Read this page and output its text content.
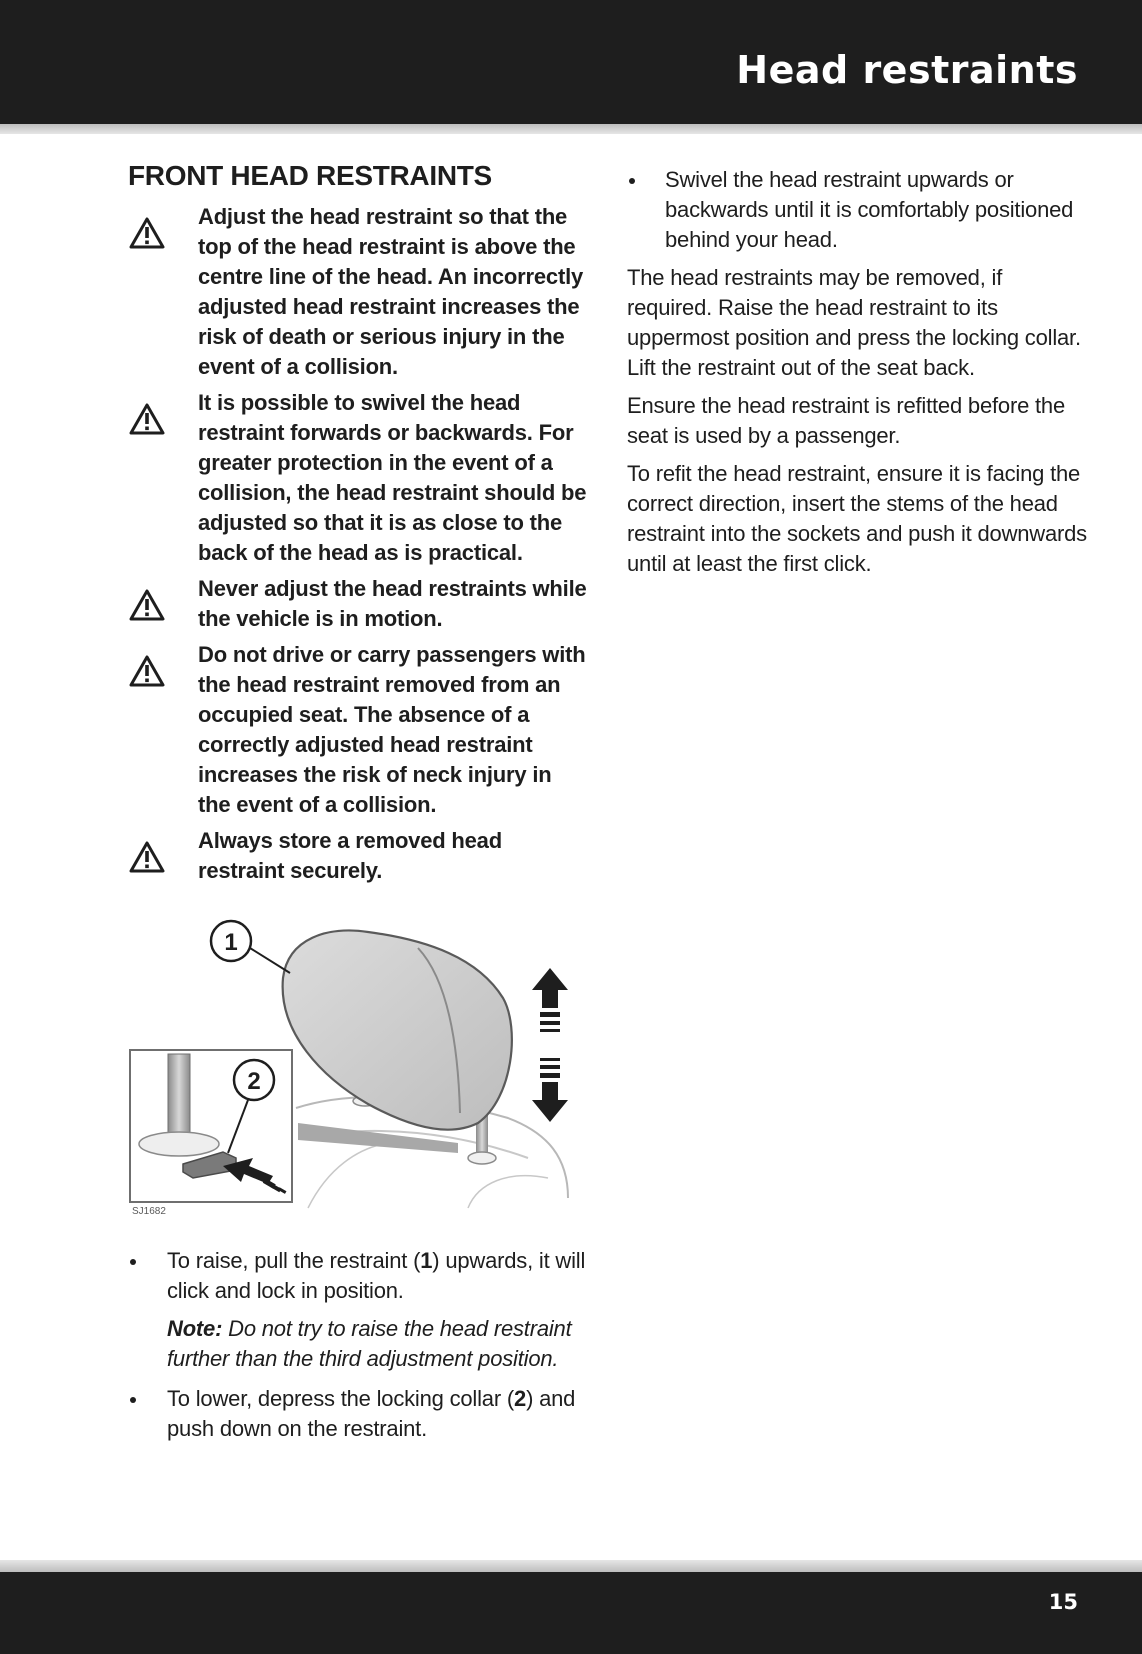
Head restraints
FRONT HEAD RESTRAINTS
Adjust the head restraint so that the top of the head restraint is above the centre line of the head. An incorrectly adjusted head restraint increases the risk of death or serious injury in the event of a collision.
It is possible to swivel the head restraint forwards or backwards. For greater protection in the event of a collision, the head restraint should be adjusted so that it is as close to the back of the head as is practical.
Never adjust the head restraints while the vehicle is in motion.
Do not drive or carry passengers with the head restraint removed from an occupied seat. The absence of a correctly adjusted head restraint increases the risk of neck injury in the event of a collision.
Always store a removed head restraint securely.
1
2
SJ1682
To raise, pull the restraint (1) upwards, it will click and lock in position.
Note: Do not try to raise the head restraint further than the third adjustment position.
To lower, depress the locking collar (2) and push down on the restraint.
Swivel the head restraint upwards or backwards until it is comfortably positioned behind your head.

The head restraints may be removed, if required. Raise the head restraint to its uppermost position and press the locking collar. Lift the restraint out of the seat back.

Ensure the head restraint is refitted before the seat is used by a passenger.

To refit the head restraint, ensure it is facing the correct direction, insert the stems of the head restraint into the sockets and push it downwards until at least the first click.

15
